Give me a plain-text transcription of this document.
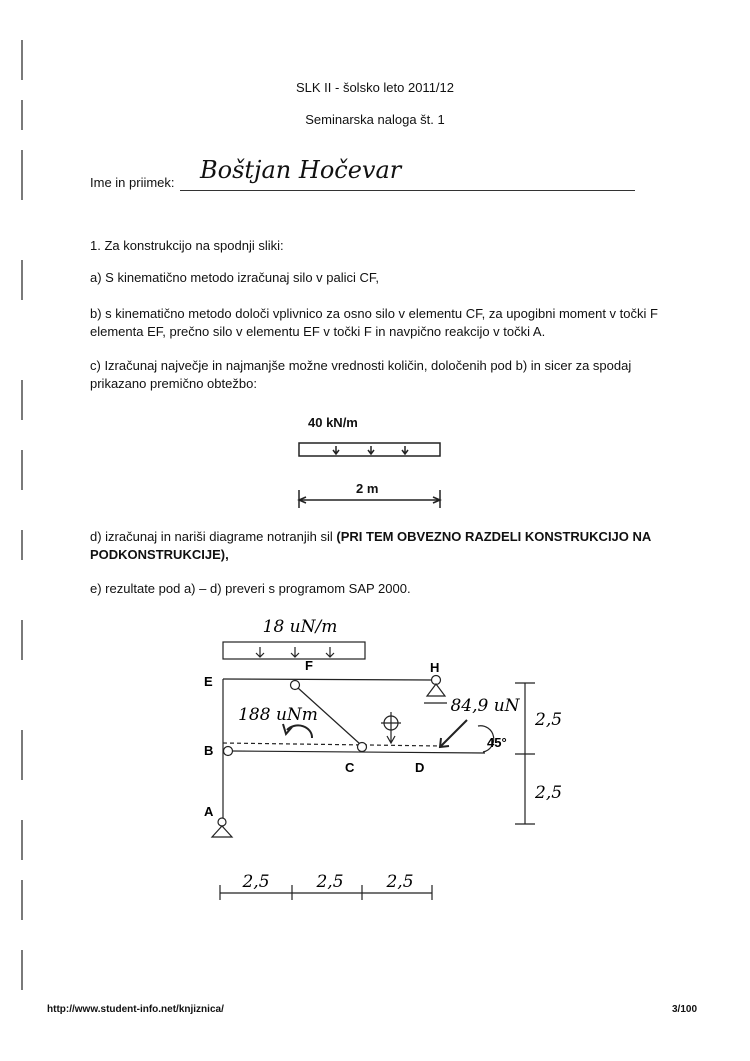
SLK II - šolsko leto 2011/12
Seminarska naloga št. 1
Ime in priimek: Boštjan Hočevar
1. Za konstrukcijo na spodnji sliki:
a) S kinematično metodo izračunaj silo v palici CF,
b) s kinematično metodo določi vplivnico za osno silo v elementu CF, za upogibni moment v točki F
elementa EF, prečno silo v elementu EF v točki F in navpično reakcijo v točki A.
c) Izračunaj največje in najmanjše možne vrednosti količin, določenih pod b) in sicer za spodaj
prikazano premično obtežbo:
40 kN/m
2 m
d) izračunaj in nariši diagrame notranjih sil (PRI TEM OBVEZNO RAZDELI KONSTRUKCIJO NA
PODKONSTRUKCIJE),
e) rezultate pod a) – d) preveri s programom SAP 2000.
18 uN/m
188 uNm	84,9 uN
45°
E
F	H
B
C	D
A
2,5
2,5
2,5	2,5	2,5
http://www.student-info.net/knjiznica/	3/100
